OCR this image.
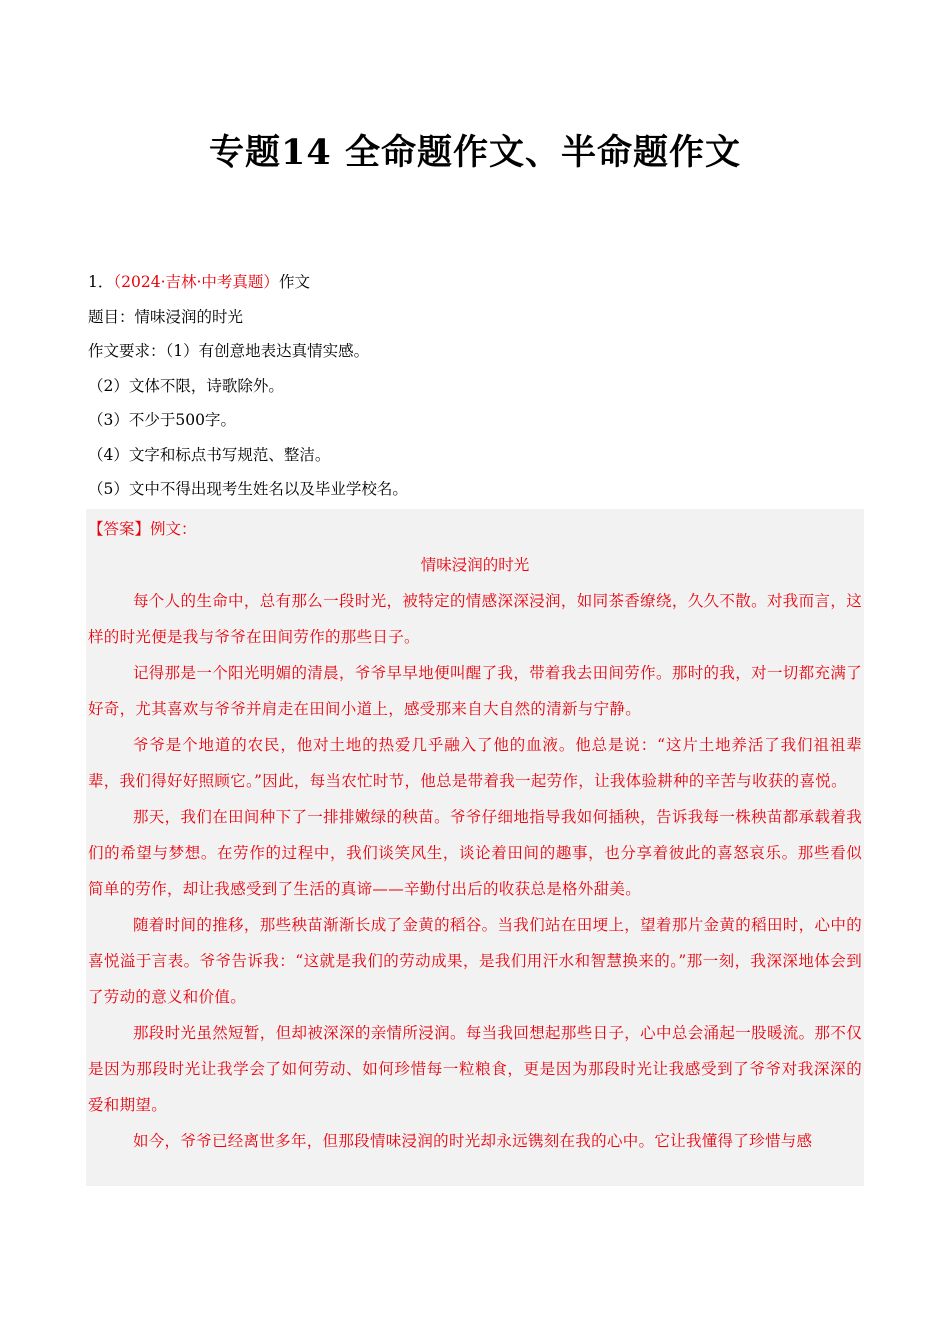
专题14 全命题作文、半命题作文
1．（2024·吉林·中考真题）作文
题目：情味浸润的时光
作文要求：（1）有创意地表达真情实感。
（2）文体不限，诗歌除外。
（3）不少于500字。
（4）文字和标点书写规范、整洁。
（5）文中不得出现考生姓名以及毕业学校名。
【答案】例文：
情味浸润的时光

每个人的生命中，总有那么一段时光，被特定的情感深深浸润，如同茶香缭绕，久久不散。对我而言，这样的时光便是我与爷爷在田间劳作的那些日子。

记得那是一个阳光明媚的清晨，爷爷早早地便叫醒了我，带着我去田间劳作。那时的我，对一切都充满了好奇，尤其喜欢与爷爷并肩走在田间小道上，感受那来自大自然的清新与宁静。

爷爷是个地道的农民，他对土地的热爱几乎融入了他的血液。他总是说：“这片土地养活了我们祖祖辈辈，我们得好好照顾它。”因此，每当农忙时节，他总是带着我一起劳作，让我体验耕种的辛苦与收获的喜悦。

那天，我们在田间种下了一排排嫩绿的秧苗。爷爷仔细地指导我如何插秧，告诉我每一株秧苗都承载着我们的希望与梦想。在劳作的过程中，我们谈笑风生，谈论着田间的趣事，也分享着彼此的喜怒哀乐。那些看似简单的劳作，却让我感受到了生活的真谛——辛勤付出后的收获总是格外甜美。

随着时间的推移，那些秧苗渐渐长成了金黄的稻谷。当我们站在田埂上，望着那片金黄的稻田时，心中的喜悦溢于言表。爷爷告诉我：“这就是我们的劳动成果，是我们用汗水和智慧换来的。”那一刻，我深深地体会到了劳动的意义和价值。

那段时光虽然短暂，但却被深深的亲情所浸润。每当我回想起那些日子，心中总会涌起一股暖流。那不仅是因为那段时光让我学会了如何劳动、如何珍惜每一粒粮食，更是因为那段时光让我感受到了爷爷对我深深的爱和期望。

如今，爷爷已经离世多年，但那段情味浸润的时光却永远镌刻在我的心中。它让我懂得了珍惜与感
